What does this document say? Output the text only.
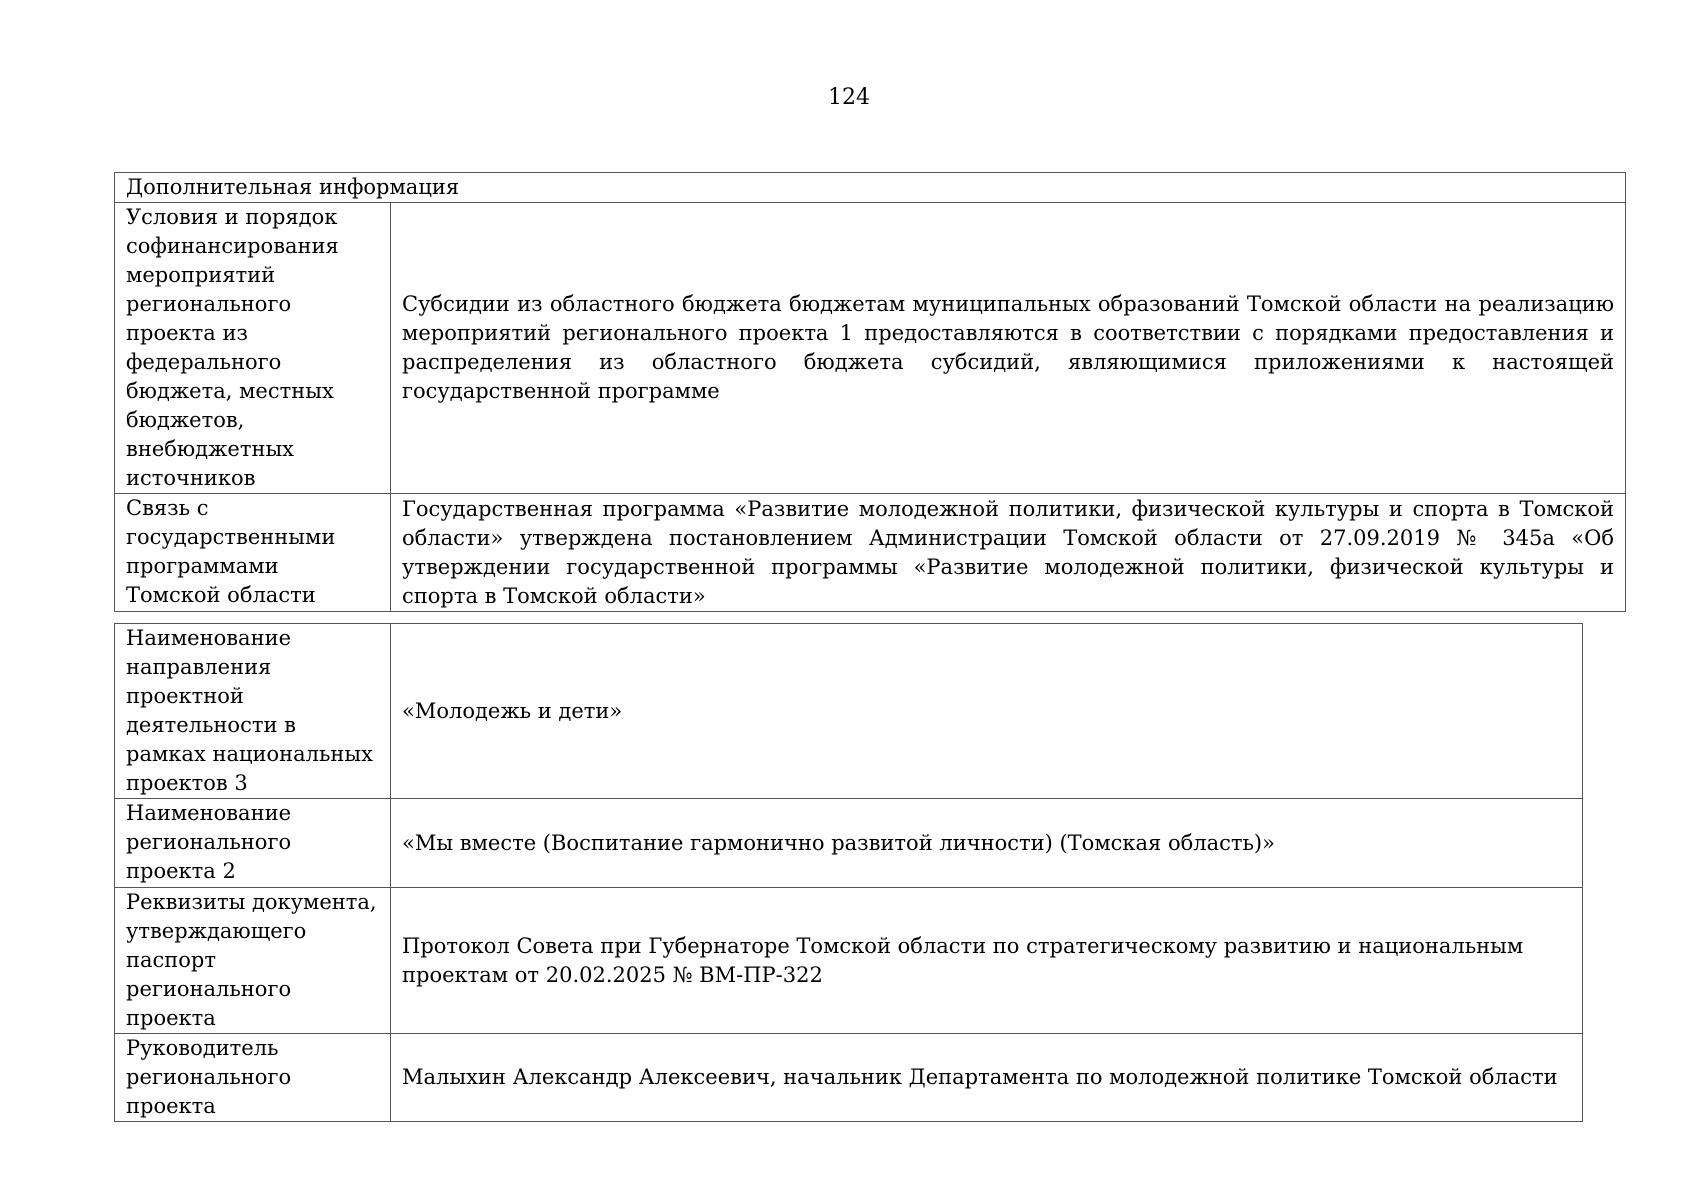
124
Дополнительная информация	
Условия и порядок софинансирования мероприятий регионального проекта из федерального бюджета, местных бюджетов, внебюджетных источников	Субсидии из областного бюджета бюджетам муниципальных образований Томской области на реализацию мероприятий регионального проекта 1 предоставляются в соответствии с порядками предоставления и распределения из областного бюджета субсидий, являющимися приложениями к настоящей государственной программе
Связь с государственными программами Томской области	Государственная программа «Развитие молодежной политики, физической культуры и спорта в Томской области» утверждена постановлением Администрации Томской области от 27.09.2019 № 345а «Об утверждении государственной программы «Развитие молодежной политики, физической культуры и спорта в Томской области»
Наименование направления проектной деятельности в рамках национальных проектов 3	«Молодежь и дети»
Наименование регионального проекта 2	«Мы вместе (Воспитание гармонично развитой личности) (Томская область)»
Реквизиты документа, утверждающего паспорт регионального проекта	Протокол Совета при Губернаторе Томской области по стратегическому развитию и национальным проектам от 20.02.2025 № ВМ-ПР-322
Руководитель регионального проекта	Малыхин Александр Алексеевич, начальник Департамента по молодежной политике Томской области
